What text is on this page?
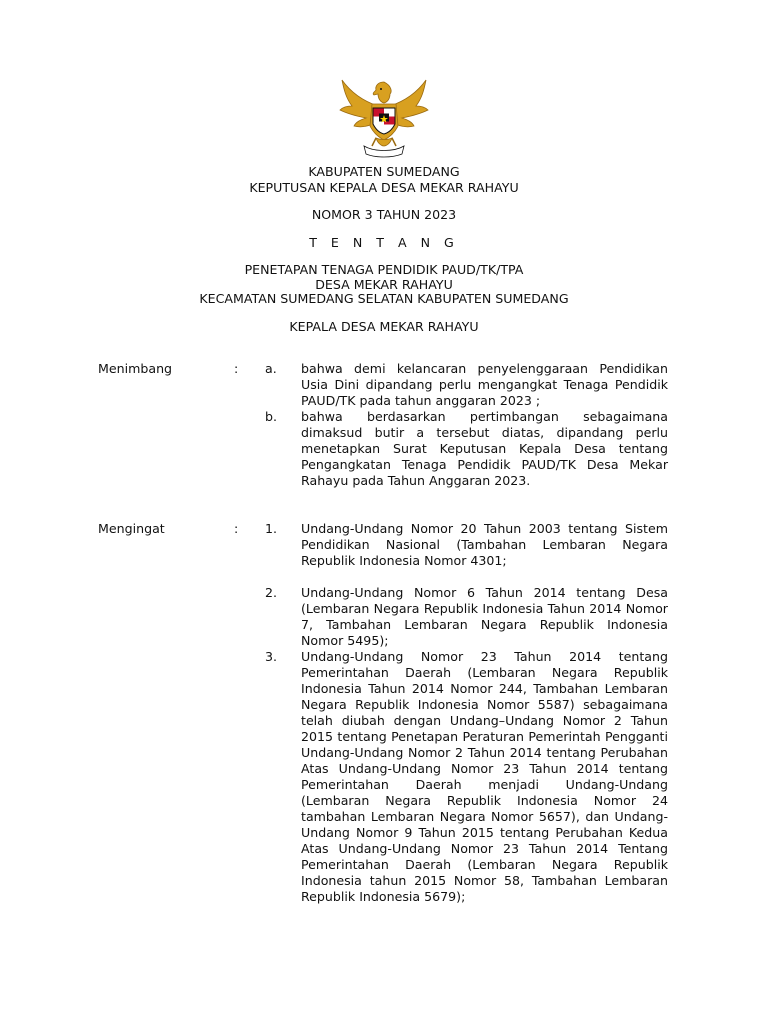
KABUPATEN SUMEDANG
KEPUTUSAN KEPALA DESA MEKAR RAHAYU
NOMOR 3 TAHUN 2023
T E N T A N G
PENETAPAN TENAGA PENDIDIK PAUD/TK/TPA
DESA MEKAR RAHAYU
KECAMATAN SUMEDANG SELATAN KABUPATEN SUMEDANG
KEPALA DESA MEKAR RAHAYU
Menimbang	:	a.	bahwa demi kelancaran penyelenggaraan Pendidikan Usia Dini dipandang perlu mengangkat Tenaga Pendidik PAUD/TK pada tahun anggaran 2023 ;
b.	bahwa berdasarkan pertimbangan sebagaimana dimaksud butir a tersebut diatas, dipandang perlu menetapkan Surat Keputusan Kepala Desa tentang Pengangkatan Tenaga Pendidik PAUD/TK Desa Mekar Rahayu pada Tahun Anggaran 2023.
Mengingat	:	1.	Undang-Undang Nomor 20 Tahun 2003 tentang Sistem Pendidikan Nasional (Tambahan Lembaran Negara Republik Indonesia Nomor 4301;
2.	Undang-Undang Nomor 6 Tahun 2014 tentang Desa (Lembaran Negara Republik Indonesia Tahun 2014 Nomor 7, Tambahan Lembaran Negara Republik Indonesia Nomor 5495);
3.	Undang-Undang Nomor 23 Tahun 2014 tentang Pemerintahan Daerah (Lembaran Negara Republik Indonesia Tahun 2014 Nomor 244, Tambahan Lembaran Negara Republik Indonesia Nomor 5587) sebagaimana telah diubah dengan Undang–Undang Nomor 2 Tahun 2015 tentang Penetapan Peraturan Pemerintah Pengganti Undang-Undang Nomor 2 Tahun 2014 tentang Perubahan Atas Undang-Undang Nomor 23 Tahun 2014 tentang Pemerintahan Daerah menjadi Undang-Undang (Lembaran Negara Republik Indonesia Nomor 24 tambahan Lembaran Negara Nomor 5657), dan Undang-Undang Nomor 9 Tahun 2015 tentang Perubahan Kedua Atas Undang-Undang Nomor 23 Tahun 2014 Tentang Pemerintahan Daerah (Lembaran Negara Republik Indonesia tahun 2015 Nomor 58, Tambahan Lembaran Republik Indonesia 5679);
